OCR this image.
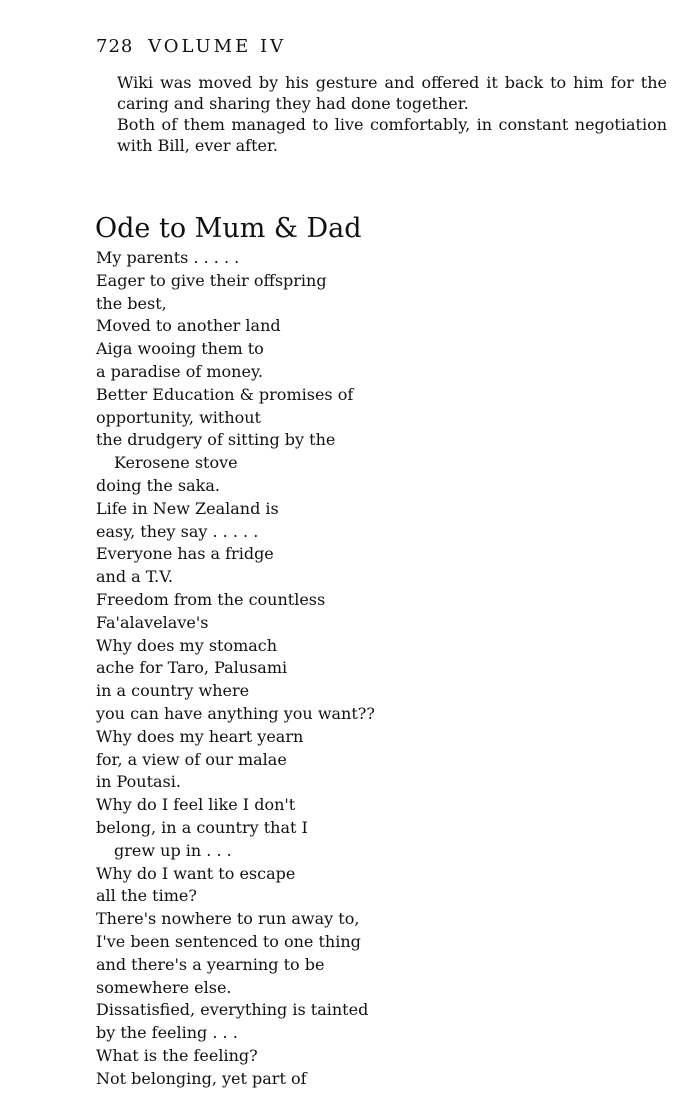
728 VOLUME IV

Wiki was moved by his gesture and offered it back to him for the caring and sharing they had done together.

Both of them managed to live comfortably, in constant negotiation with Bill, ever after.

Ode to Mum & Dad
My parents . . . . .
Eager to give their offspring
the best,
Moved to another land
Aiga wooing them to
a paradise of money.
Better Education & promises of
opportunity, without
the drudgery of sitting by the
Kerosene stove
doing the saka.
Life in New Zealand is
easy, they say . . . . .
Everyone has a fridge
and a T.V.
Freedom from the countless
Fa'alavelave's
Why does my stomach
ache for Taro, Palusami
in a country where
you can have anything you want??
Why does my heart yearn
for, a view of our malae
in Poutasi.
Why do I feel like I don't
belong, in a country that I
grew up in . . .
Why do I want to escape
all the time?
There's nowhere to run away to,
I've been sentenced to one thing
and there's a yearning to be
somewhere else.
Dissatisfied, everything is tainted
by the feeling . . .
What is the feeling?
Not belonging, yet part of
